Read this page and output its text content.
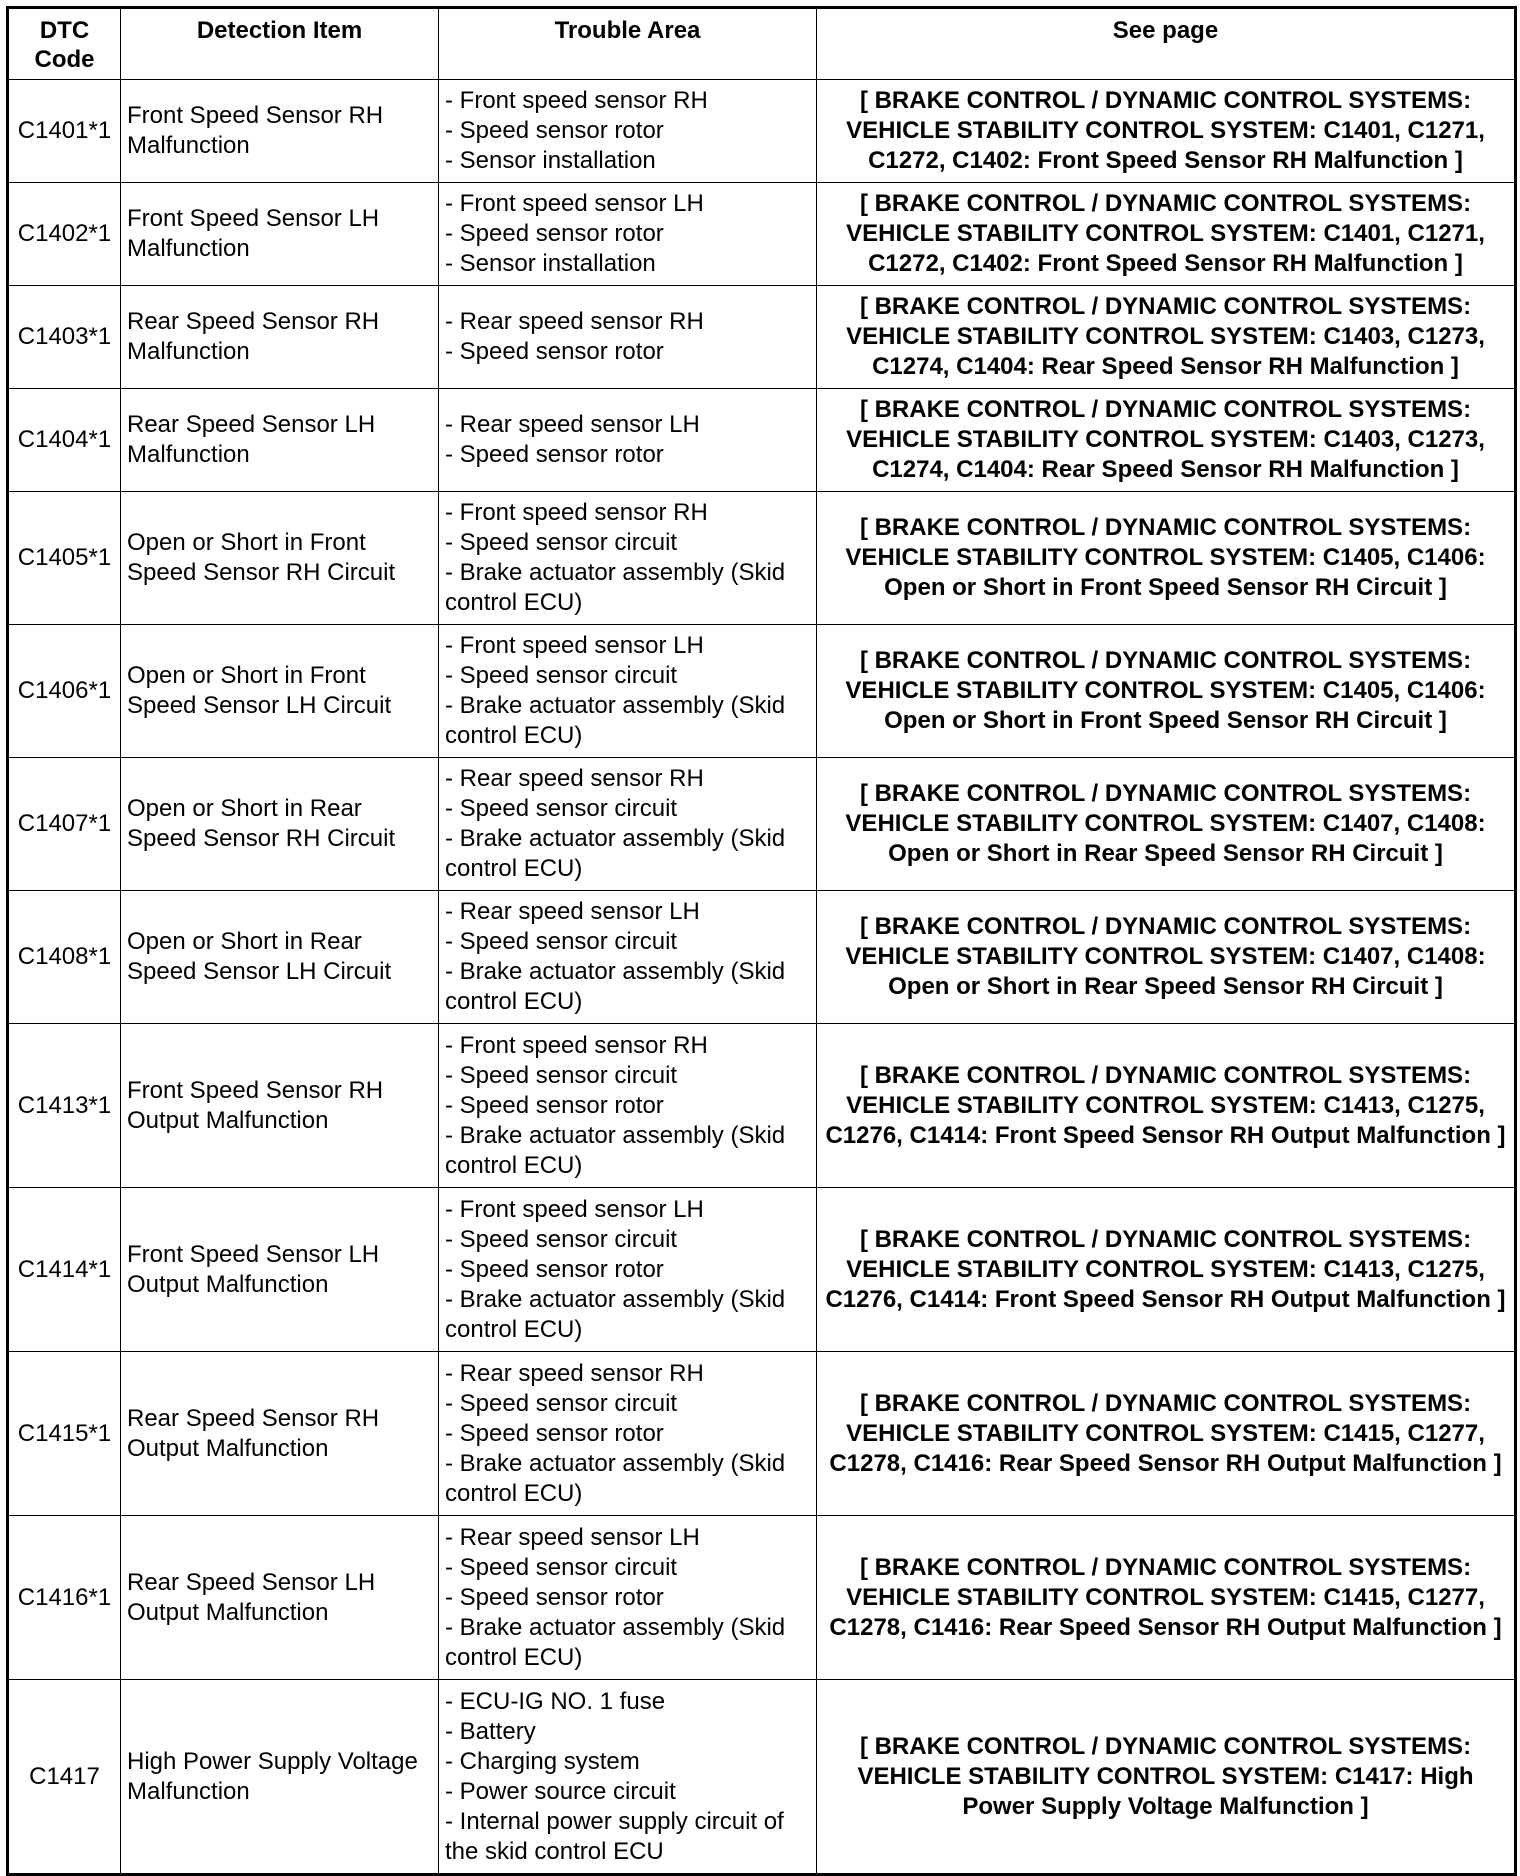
DTC Code	Detection Item	Trouble Area	See page
C1401*1	Front Speed Sensor RH Malfunction	- Front speed sensor RH
- Speed sensor rotor
- Sensor installation	[ BRAKE CONTROL / DYNAMIC CONTROL SYSTEMS: VEHICLE STABILITY CONTROL SYSTEM: C1401, C1271, C1272, C1402: Front Speed Sensor RH Malfunction ]
C1402*1	Front Speed Sensor LH Malfunction	- Front speed sensor LH
- Speed sensor rotor
- Sensor installation	[ BRAKE CONTROL / DYNAMIC CONTROL SYSTEMS: VEHICLE STABILITY CONTROL SYSTEM: C1401, C1271, C1272, C1402: Front Speed Sensor RH Malfunction ]
C1403*1	Rear Speed Sensor RH Malfunction	- Rear speed sensor RH
- Speed sensor rotor	[ BRAKE CONTROL / DYNAMIC CONTROL SYSTEMS: VEHICLE STABILITY CONTROL SYSTEM: C1403, C1273, C1274, C1404: Rear Speed Sensor RH Malfunction ]
C1404*1	Rear Speed Sensor LH Malfunction	- Rear speed sensor LH
- Speed sensor rotor	[ BRAKE CONTROL / DYNAMIC CONTROL SYSTEMS: VEHICLE STABILITY CONTROL SYSTEM: C1403, C1273, C1274, C1404: Rear Speed Sensor RH Malfunction ]
C1405*1	Open or Short in Front Speed Sensor RH Circuit	- Front speed sensor RH
- Speed sensor circuit
- Brake actuator assembly (Skid control ECU)	[ BRAKE CONTROL / DYNAMIC CONTROL SYSTEMS: VEHICLE STABILITY CONTROL SYSTEM: C1405, C1406: Open or Short in Front Speed Sensor RH Circuit ]
C1406*1	Open or Short in Front Speed Sensor LH Circuit	- Front speed sensor LH
- Speed sensor circuit
- Brake actuator assembly (Skid control ECU)	[ BRAKE CONTROL / DYNAMIC CONTROL SYSTEMS: VEHICLE STABILITY CONTROL SYSTEM: C1405, C1406: Open or Short in Front Speed Sensor RH Circuit ]
C1407*1	Open or Short in Rear Speed Sensor RH Circuit	- Rear speed sensor RH
- Speed sensor circuit
- Brake actuator assembly (Skid control ECU)	[ BRAKE CONTROL / DYNAMIC CONTROL SYSTEMS: VEHICLE STABILITY CONTROL SYSTEM: C1407, C1408: Open or Short in Rear Speed Sensor RH Circuit ]
C1408*1	Open or Short in Rear Speed Sensor LH Circuit	- Rear speed sensor LH
- Speed sensor circuit
- Brake actuator assembly (Skid control ECU)	[ BRAKE CONTROL / DYNAMIC CONTROL SYSTEMS: VEHICLE STABILITY CONTROL SYSTEM: C1407, C1408: Open or Short in Rear Speed Sensor RH Circuit ]
C1413*1	Front Speed Sensor RH Output Malfunction	- Front speed sensor RH
- Speed sensor circuit
- Speed sensor rotor
- Brake actuator assembly (Skid control ECU)	[ BRAKE CONTROL / DYNAMIC CONTROL SYSTEMS: VEHICLE STABILITY CONTROL SYSTEM: C1413, C1275, C1276, C1414: Front Speed Sensor RH Output Malfunction ]
C1414*1	Front Speed Sensor LH Output Malfunction	- Front speed sensor LH
- Speed sensor circuit
- Speed sensor rotor
- Brake actuator assembly (Skid control ECU)	[ BRAKE CONTROL / DYNAMIC CONTROL SYSTEMS: VEHICLE STABILITY CONTROL SYSTEM: C1413, C1275, C1276, C1414: Front Speed Sensor RH Output Malfunction ]
C1415*1	Rear Speed Sensor RH Output Malfunction	- Rear speed sensor RH
- Speed sensor circuit
- Speed sensor rotor
- Brake actuator assembly (Skid control ECU)	[ BRAKE CONTROL / DYNAMIC CONTROL SYSTEMS: VEHICLE STABILITY CONTROL SYSTEM: C1415, C1277, C1278, C1416: Rear Speed Sensor RH Output Malfunction ]
C1416*1	Rear Speed Sensor LH Output Malfunction	- Rear speed sensor LH
- Speed sensor circuit
- Speed sensor rotor
- Brake actuator assembly (Skid control ECU)	[ BRAKE CONTROL / DYNAMIC CONTROL SYSTEMS: VEHICLE STABILITY CONTROL SYSTEM: C1415, C1277, C1278, C1416: Rear Speed Sensor RH Output Malfunction ]
C1417	High Power Supply Voltage Malfunction	- ECU-IG NO. 1 fuse
- Battery
- Charging system
- Power source circuit
- Internal power supply circuit of the skid control ECU	[ BRAKE CONTROL / DYNAMIC CONTROL SYSTEMS: VEHICLE STABILITY CONTROL SYSTEM: C1417: High Power Supply Voltage Malfunction ]
